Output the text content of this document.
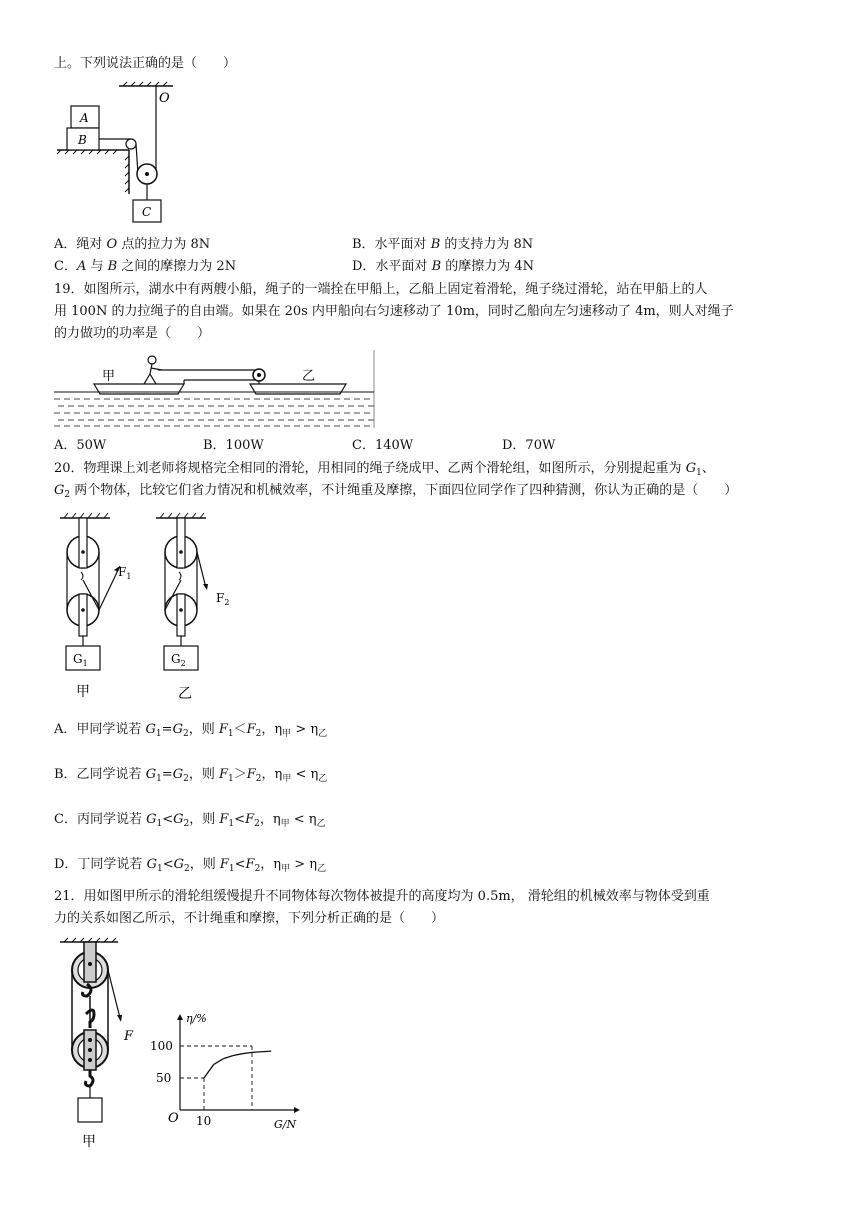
上。下列说法正确的是（　　）
O
A
B
C
A．绳对 O 点的拉力为 8N	B．水平面对 B 的支持力为 8N
C．A 与 B 之间的摩擦力为 2N	D．水平面对 B 的摩擦力为 4N
19．如图所示，湖水中有两艘小船，绳子的一端拴在甲船上，乙船上固定着滑轮，绳子绕过滑轮，站在甲船上的人
用 100N 的力拉绳子的自由端。如果在 20s 内甲船向右匀速移动了 10m，同时乙船向左匀速移动了 4m，则人对绳子
的力做功的功率是（　　）
甲	乙
A．50W	B．100W	C．140W	D．70W
20．物理课上刘老师将规格完全相同的滑轮，用相同的绳子绕成甲、乙两个滑轮组，如图所示，分别提起重为 $G_1$、
$G_2$ 两个物体，比较它们省力情况和机械效率，不计绳重及摩擦，下面四位同学作了四种猜测，你认为正确的是（　　）
$F_1$
$G_1$
甲
$F_2$
$G_2$
乙
A．甲同学说若 $G_1=G_2$，则 $F_1<F_2$，$\eta_甲 > \eta_乙$
B．乙同学说若 $G_1=G_2$，则 $F_1>F_2$，$\eta_甲 < \eta_乙$
C．丙同学说若 $G_1<G_2$，则 $F_1<F_2$，$\eta_甲 < \eta_乙$
D．丁同学说若 $G_1<G_2$，则 $F_1<F_2$，$\eta_甲 > \eta_乙$
21．用如图甲所示的滑轮组缓慢提升不同物体每次物体被提升的高度均为 0.5m， 滑轮组的机械效率与物体受到重
力的关系如图乙所示，不计绳重和摩擦，下列分析正确的是（　　）
F
甲
η/%
G/N
O 10
50
100
